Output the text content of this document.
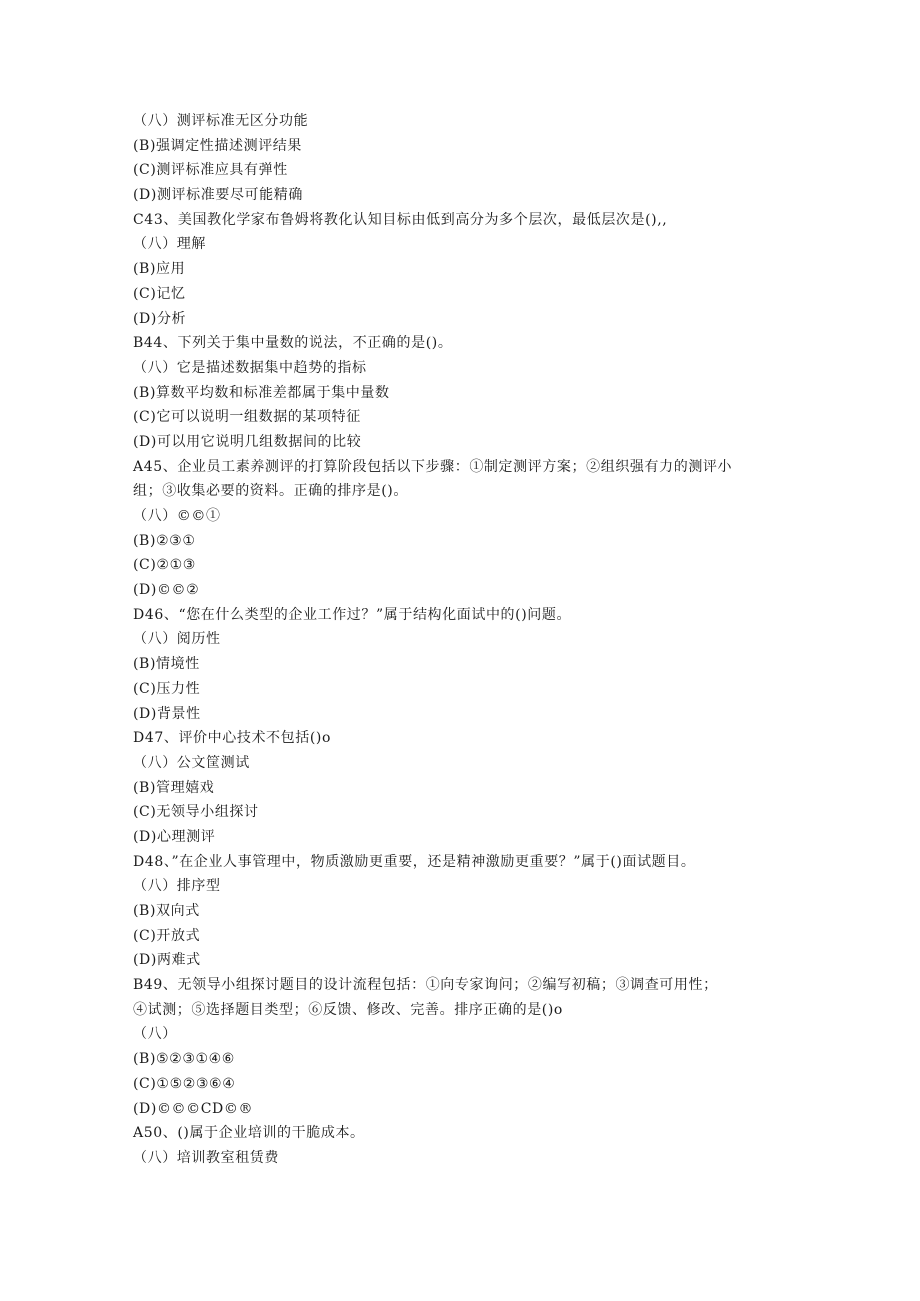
（八）测评标准无区分功能
(B)强调定性描述测评结果
(C)测评标准应具有弹性
(D)测评标准要尽可能精确
C43、美国教化学家布鲁姆将教化认知目标由低到高分为多个层次，最低层次是(),,
（八）理解
(B)应用
(C)记忆
(D)分析
B44、下列关于集中量数的说法，不正确的是()。
（八）它是描述数据集中趋势的指标
(B)算数平均数和标准差都属于集中量数
(C)它可以说明一组数据的某项特征
(D)可以用它说明几组数据间的比较
A45、企业员工素养测评的打算阶段包括以下步骤：①制定测评方案；②组织强有力的测评小
组；③收集必要的资料。正确的排序是()。
（八）©©①
(B)②③①
(C)②①③
(D)©©②
D46、“您在什么类型的企业工作过？”属于结构化面试中的()问题。
（八）阅历性
(B)情境性
(C)压力性
(D)背景性
D47、评价中心技术不包括()o
（八）公文筐测试
(B)管理嬉戏
(C)无领导小组探讨
(D)心理测评
D48、”在企业人事管理中，物质激励更重要，还是精神激励更重要？”属于()面试题目。
（八）排序型
(B)双向式
(C)开放式
(D)两难式
B49、无领导小组探讨题目的设计流程包括：①向专家询问；②编写初稿；③调查可用性；
④试测；⑤选择题目类型；⑥反馈、修改、完善。排序正确的是()o
（八）
(B)⑤②③①④⑥
(C)①⑤②③⑥④
(D)©©©CD©®
A50、()属于企业培训的干脆成本。
（八）培训教室租赁费
